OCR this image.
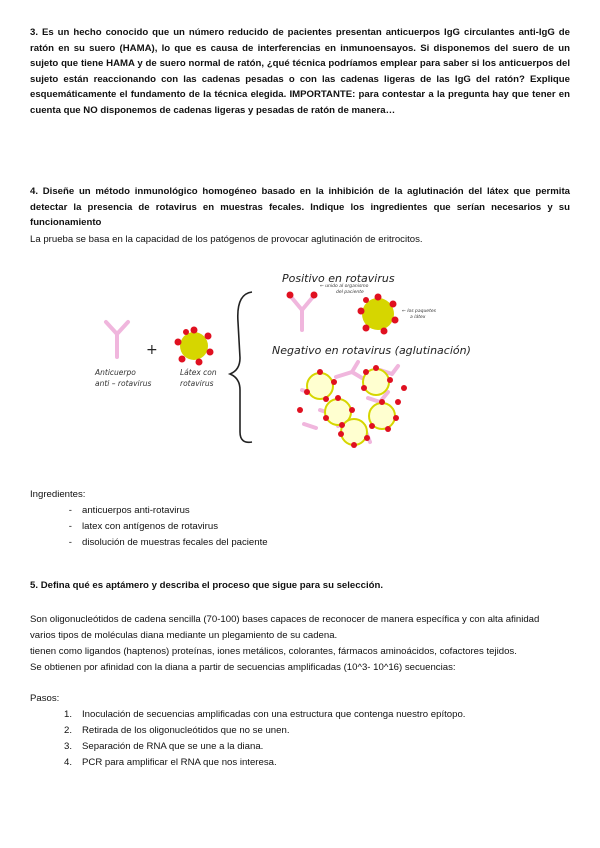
3. Es un hecho conocido que un número reducido de pacientes presentan anticuerpos IgG circulantes anti-IgG de ratón en su suero (HAMA), lo que es causa de interferencias en inmunoensayos. Si disponemos del suero de un sujeto que tiene HAMA y de suero normal de ratón, ¿qué técnica podríamos emplear para saber si los anticuerpos del sujeto están reaccionando con las cadenas pesadas o con las cadenas ligeras de las IgG del ratón? Explique esquemáticamente el fundamento de la técnica elegida. IMPORTANTE: para contestar a la pregunta hay que tener en cuenta que NO disponemos de cadenas ligeras y pesadas de ratón de manera…
4. Diseñe un método inmunológico homogéneo basado en la inhibición de la aglutinación del látex que permita detectar la presencia de rotavirus en muestras fecales. Indique los ingredientes que serían necesarios y su funcionamiento
La prueba se basa en la capacidad de los patógenos de provocar aglutinación de eritrocitos.
+
Anticuerpo
anti – rotavirus
Látex con
rotavirus
Positivo en rotavirus
← unido al organismo
del paciente
← los paquetes
a látex
Negativo en rotavirus (aglutinación)
Ingredientes:
- anticuerpos anti-rotavirus
- latex con antígenos de rotavirus
- disolución de muestras fecales del paciente
5. Defina qué es aptámero y describa el proceso que sigue para su selección.

Son oligonucleótidos de cadena sencilla (70-100) bases capaces de reconocer de manera específica y con alta afinidad

varios tipos de moléculas diana mediante un plegamiento de su cadena.

tienen como ligandos (haptenos) proteínas, iones metálicos, colorantes, fármacos aminoácidos, cofactores tejidos.

Se obtienen por afinidad con la diana a partir de secuencias amplificadas (10^3- 10^16) secuencias:

Pasos:
1. Inoculación de secuencias amplificadas con una estructura que contenga nuestro epítopo.
2. Retirada de los oligonucleótidos que no se unen.
3. Separación de RNA que se une a la diana.
4. PCR para amplificar el RNA que nos interesa.
